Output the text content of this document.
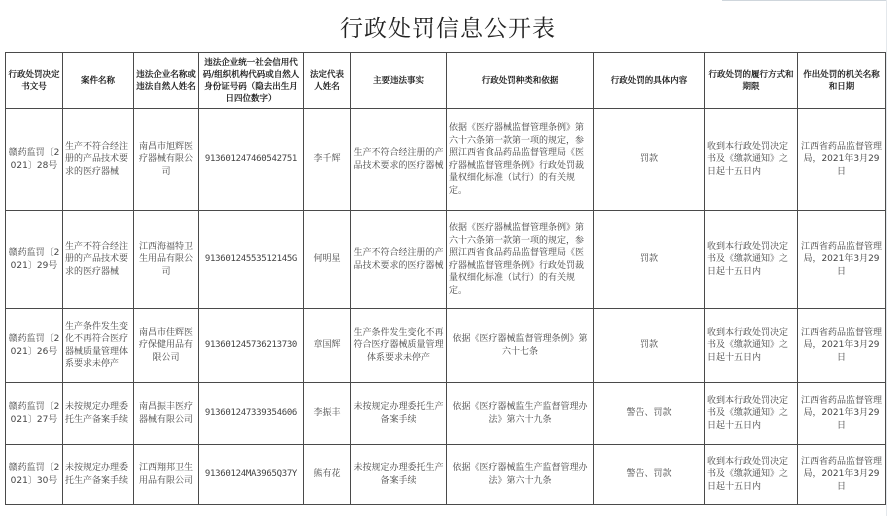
行政处罚信息公开表
行政处罚决定书文号	案件名称	违法企业名称或违法自然人姓名	违法企业统一社会信用代码/组织机构代码或自然人身份证号码（隐去出生月日四位数字）	法定代表人姓名	主要违法事实	行政处罚种类和依据	行政处罚的具体内容	行政处罚的履行方式和期限	作出处罚的机关名称和日期
赣药监罚〔2021〕28号	生产不符合经注册的产品技术要求的医疗器械	南昌市旭辉医疗器械有限公司	913601247460542751	李千辉	生产不符合经注册的产品技术要求的医疗器械	依据《医疗器械监督管理条例》第六十六条第一款第一项的规定，参照江西省食品药品监督管理局《医疗器械监督管理条例》行政处罚裁量权细化标准（试行）的有关规定。	罚款	收到本行政处罚决定书及《缴款通知》之日起十五日内	江西省药品监督管理局，2021年3月29日
赣药监罚〔2021〕29号	生产不符合经注册的产品技术要求的医疗器械	江西海福特卫生用品有限公司	91360124553512145G	何明星	生产不符合经注册的产品技术要求的医疗器械	依据《医疗器械监督管理条例》第六十六条第一款第一项的规定，参照江西省食品药品监督管理局《医疗器械监督管理条例》行政处罚裁量权细化标准（试行）的有关规定。	罚款	收到本行政处罚决定书及《缴款通知》之日起十五日内	江西省药品监督管理局，2021年3月29日
赣药监罚〔2021〕26号	生产条件发生变化不再符合医疗器械质量管理体系要求未停产	南昌市佳辉医疗保健用品有限公司	913601245736213730	章国辉	生产条件发生变化不再符合医疗器械质量管理体系要求未停产	依据《医疗器械监督管理条例》第六十七条	罚款	收到本行政处罚决定书及《缴款通知》之日起十五日内	江西省药品监督管理局，2021年3月29日
赣药监罚〔2021〕27号	未按规定办理委托生产备案手续	南昌振丰医疗器械有限公司	913601247339354606	李振丰	未按规定办理委托生产备案手续	依据《医疗器械监生产监督管理办法》第六十九条	警告、罚款	收到本行政处罚决定书及《缴款通知》之日起十五日内	江西省药品监督管理局，2021年3月29日
赣药监罚〔2021〕30号	未按规定办理委托生产备案手续	江西翔邦卫生用品有限公司	91360124MA3965Q37Y	熊有花	未按规定办理委托生产备案手续	依据《医疗器械监生产监督管理办法》第六十九条	警告、罚款	收到本行政处罚决定书及《缴款通知》之日起十五日内	江西省药品监督管理局，2021年3月29日
